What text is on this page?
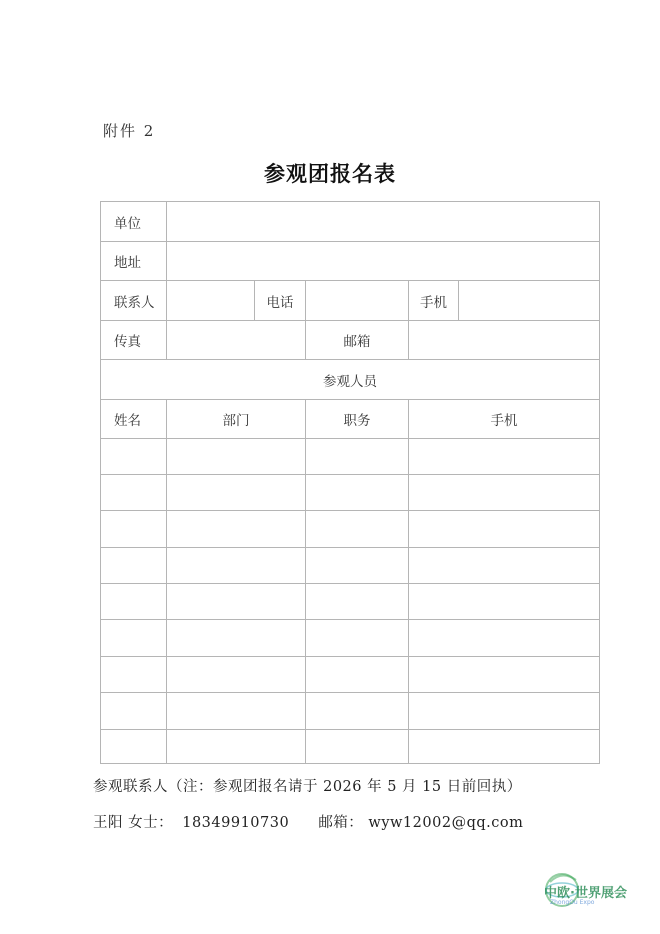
附件 2
参观团报名表
单位					
地址					
联系人		电话		手机	
传真			邮箱		
参观人员					
姓名	部门		职务	手机	

参观联系人（注：参观团报名请于 2026 年 5 月 15 日前回执）
王阳 女士： 18349910730 邮箱： wyw12002@qq.com
中欧·世界展会
ZhongOu Expo
